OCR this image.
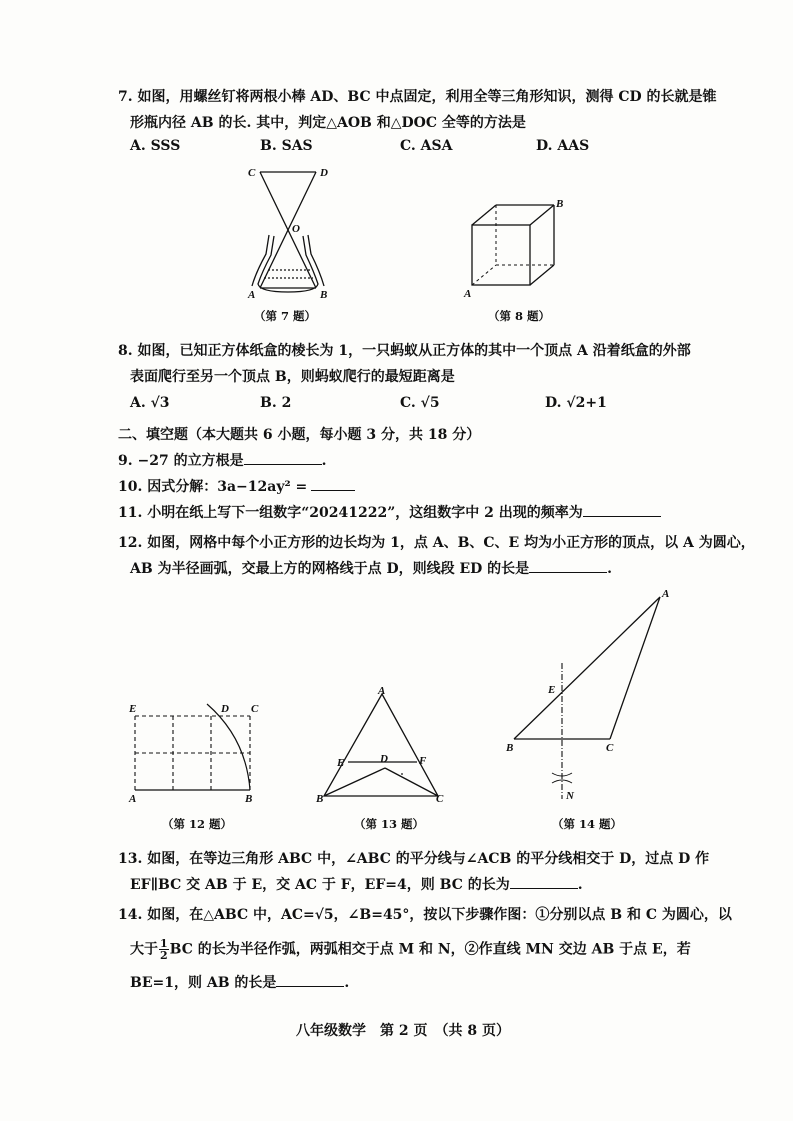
7. 如图，用螺丝钉将两根小棒 AD、BC 中点固定，利用全等三角形知识，测得 CD 的长就是锥
形瓶内径 AB 的长. 其中，判定△AOB 和△DOC 全等的方法是
A. SSS	B. SAS	C. ASA	D. AAS
C	D
O
A	B
（第 7 题）
B
A
（第 8 题）
8. 如图，已知正方体纸盒的棱长为 1，一只蚂蚁从正方体的其中一个顶点 A 沿着纸盒的外部
表面爬行至另一个顶点 B，则蚂蚁爬行的最短距离是
A. √3	B. 2	C. √5	D. √2+1
二、填空题（本大题共 6 小题，每小题 3 分，共 18 分）
9. −27 的立方根是	.
10. 因式分解：3a−12ay² =
11. 小明在纸上写下一组数字“20241222”，这组数字中 2 出现的频率为
12. 如图，网格中每个小正方形的边长均为 1，点 A、B、C、E 均为小正方形的顶点，以 A 为圆心，
AB 为半径画弧，交最上方的网格线于点 D，则线段 ED 的长是	.
E	D C
A	B
（第 12 题）
A
E	D	F
B	C
（第 13 题）
A
E
B	C
N
（第 14 题）
13. 如图，在等边三角形 ABC 中，∠ABC 的平分线与∠ACB 的平分线相交于 D，过点 D 作
EF∥BC 交 AB 于 E，交 AC 于 F，EF=4，则 BC 的长为	.
14. 如图，在△ABC 中，AC=√5，∠B=45°，按以下步骤作图：①分别以点 B 和 C 为圆心，以
大于 $\frac{1}{2}$ BC 的长为半径作弧，两弧相交于点 M 和 N，②作直线 MN 交边 AB 于点 E，若
BE=1，则 AB 的长是	.
八年级数学　第 2 页　（共 8 页）
